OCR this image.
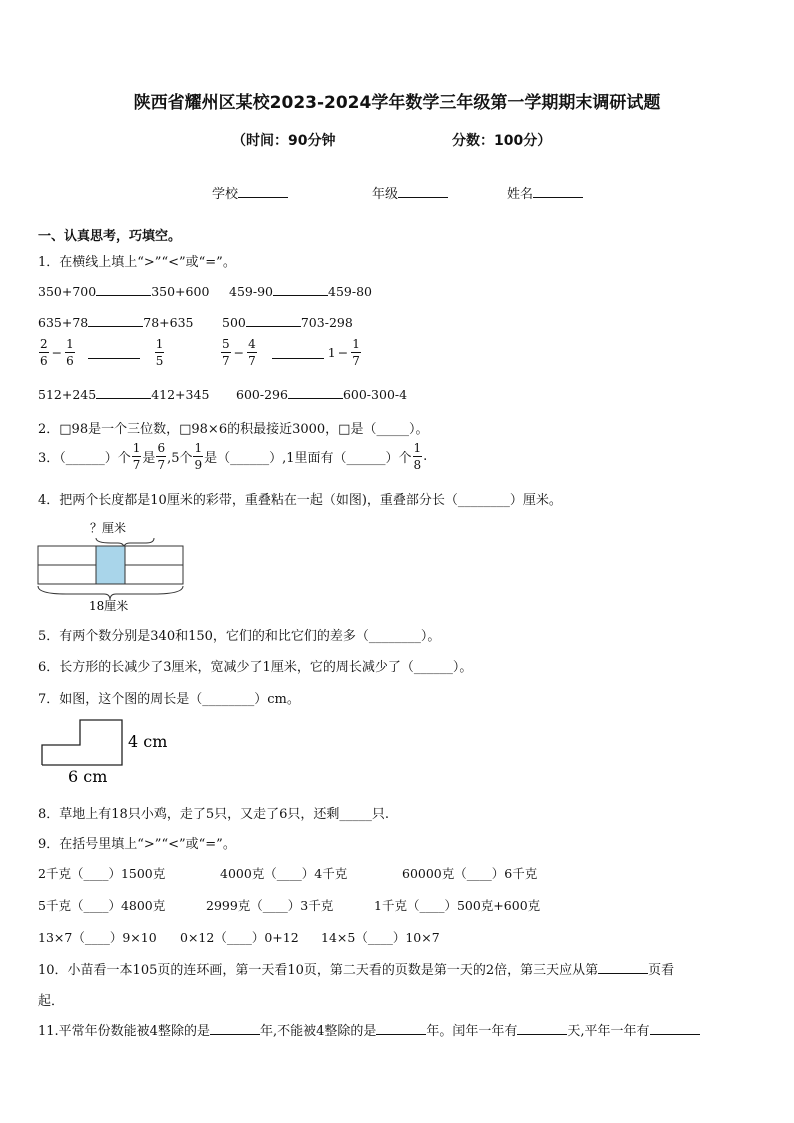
陕西省耀州区某校2023-2024学年数学三年级第一学期期末调研试题
（时间：90分钟	分数：100分）
学校	年级	姓名
一、认真思考，巧填空。
1．在横线上填上“>”“<”或“=”。
350+700	350+600 459-90	459-80
635+78	78+635 500	703-298
$\frac{2}{6} - \frac{1}{6}$	$\frac{1}{5}$	$\frac{5}{7} - \frac{4}{7}$	$1 - \frac{1}{7}$
512+245	412+345 600-296	600-300-4
2．□98是一个三位数，□98×6的积最接近3000，□是（_____）。
3．（______）个 $\frac{1}{7}$ 是 $\frac{6}{7} ,5$个 $\frac{1}{9}$ 是（______）,1里面有（______）个 $\frac{1}{8}$ .
4．把两个长度都是10厘米的彩带，重叠粘在一起（如图)，重叠部分长（________）厘米。
？厘米
18厘米
5．有两个数分别是340和150，它们的和比它们的差多（________）。
6．长方形的长减少了3厘米，宽减少了1厘米，它的周长减少了（______）。
7．如图，这个图的周长是（________）cm。
4 cm
6 cm
8．草地上有18只小鸡，走了5只，又走了6只，还剩_____只.
9．在括号里填上“>”“<”或“=”。
2千克（____）1500克	4000克（____）4千克	60000克（____）6千克
5千克（____）4800克	2999克（____）3千克	1千克（____）500克+600克
13×7（____）9×10 0×12（____）0+12 14×5（____）10×7
10．小苗看一本105页的连环画，第一天看10页，第二天看的页数是第一天的2倍，第三天应从第	页看
起．
11.平常年份数能被4整除的是	年,不能被4整除的是	年。闰年一年有	天,平年一年有
